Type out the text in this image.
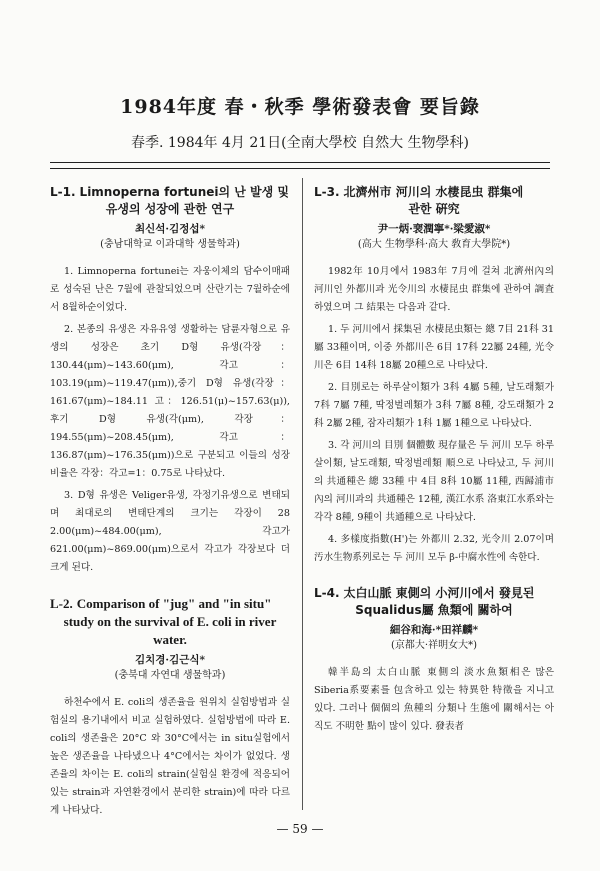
1984年度 春・秋季 學術發表會 要旨錄
春季. 1984年 4月 21日(全南大學校 自然大 生物學科)
L-1. Limnoperna fortunei의 난 발생 및
유생의 성장에 관한 연구
최신석·김정섭*
(충남대학교 이과대학 생물학과)

1. Limnoperna fortunei는 자웅이체의 담수이매패로 성숙된 난은 7월에 관찰되었으며 산란기는 7월하순에서 8월하순이었다.

2. 본종의 유생은 자유유영 생활하는 담륜자형으로 유생의 성장은 초기 D형 유생(각장：130.44(μm)~143.60(μm), 각고：103.19(μm)~119.47(μm)),중기 D형 유생(각장：161.67(μm)~184.11 고：126.51(μ)~157.63(μ)), 후기 D형 유생(각(μm), 각장：194.55(μm)~208.45(μm), 각고：136.87(μm)~176.35(μm))으로 구분되고 이들의 성장비율은 각장：각고=1：0.75로 나타났다.

3. D형 유생은 Veliger유생, 각정기유생으로 변태되며 최대로의 변태단계의 크기는 각장이 28 2.00(μm)~484.00(μm), 각고가 621.00(μm)~869.00(μm)으로서 각고가 각장보다 더 크게 된다.

L-2. Comparison of "jug" and "in situ"
study on the survival of E. coli in river water.
김치경·김근식*
(충북대 자연대 생물학과)

하천수에서 E. coli의 생존율을 원위치 실험방법과 실험실의 용기내에서 비교 실험하였다. 실험방법에 따라 E. coli의 생존율은 20°C 와 30°C에서는 in situ실험에서 높은 생존율을 나타냈으나 4°C에서는 차이가 없었다. 생존율의 차이는 E. coli의 strain(실험실 환경에 적응되어 있는 strain과 자연환경에서 분리한 strain)에 따라 다르게 나타났다.

L-3. 北濟州市 河川의 水棲昆虫 群集에
관한 硏究
尹一炳·裵潤寧*·梁愛淑*
(高大 生物學科·高大 敎育大學院*)

1982年 10月에서 1983年 7月에 걸쳐 北濟州內의 河川인 外都川과 光令川의 水棲昆虫 群集에 관하여 調査하였으며 그 結果는 다음과 같다.

1. 두 河川에서 採集된 水棲昆虫類는 總 7目 21科 31屬 33種이며, 이중 外都川은 6目 17科 22屬 24種, 光令川은 6目 14科 18屬 20種으로 나타났다.

2. 目別로는 하루살이類가 3科 4屬 5種, 날도래類가 7科 7屬 7種, 딱정벌레類가 3科 7屬 8種, 강도래類가 2科 2屬 2種, 잠자리類가 1科 1屬 1種으로 나타났다.

3. 각 河川의 目別 個體數 現存量은 두 河川 모두 하루살이類, 날도래類, 딱정벌레類 順으로 나타났고, 두 河川의 共通種은 總 33種 中 4目 8科 10屬 11種, 西歸浦市內의 河川과의 共通種은 12種, 漢江水系 洛東江水系와는 각각 8種, 9種이 共通種으로 나타났다.

4. 多樣度指數(H')는 外都川 2.32, 光令川 2.07이며 汚水生物系列로는 두 河川 모두 β-中腐水性에 속한다.

L-4. 太白山脈 東側의 小河川에서 發見된
Squalidus屬 魚類에 關하여
細谷和海·*田祥麟*
(京都大·祥明女大*)

韓半島의 太白山脈 東側의 淡水魚類相은 많은 Siberia系要素를 包含하고 있는 特異한 特徵을 지니고 있다. 그러나 個個의 魚種의 分類나 生態에 關해서는 아직도 不明한 點이 많이 있다. 發表者

— 59 —
